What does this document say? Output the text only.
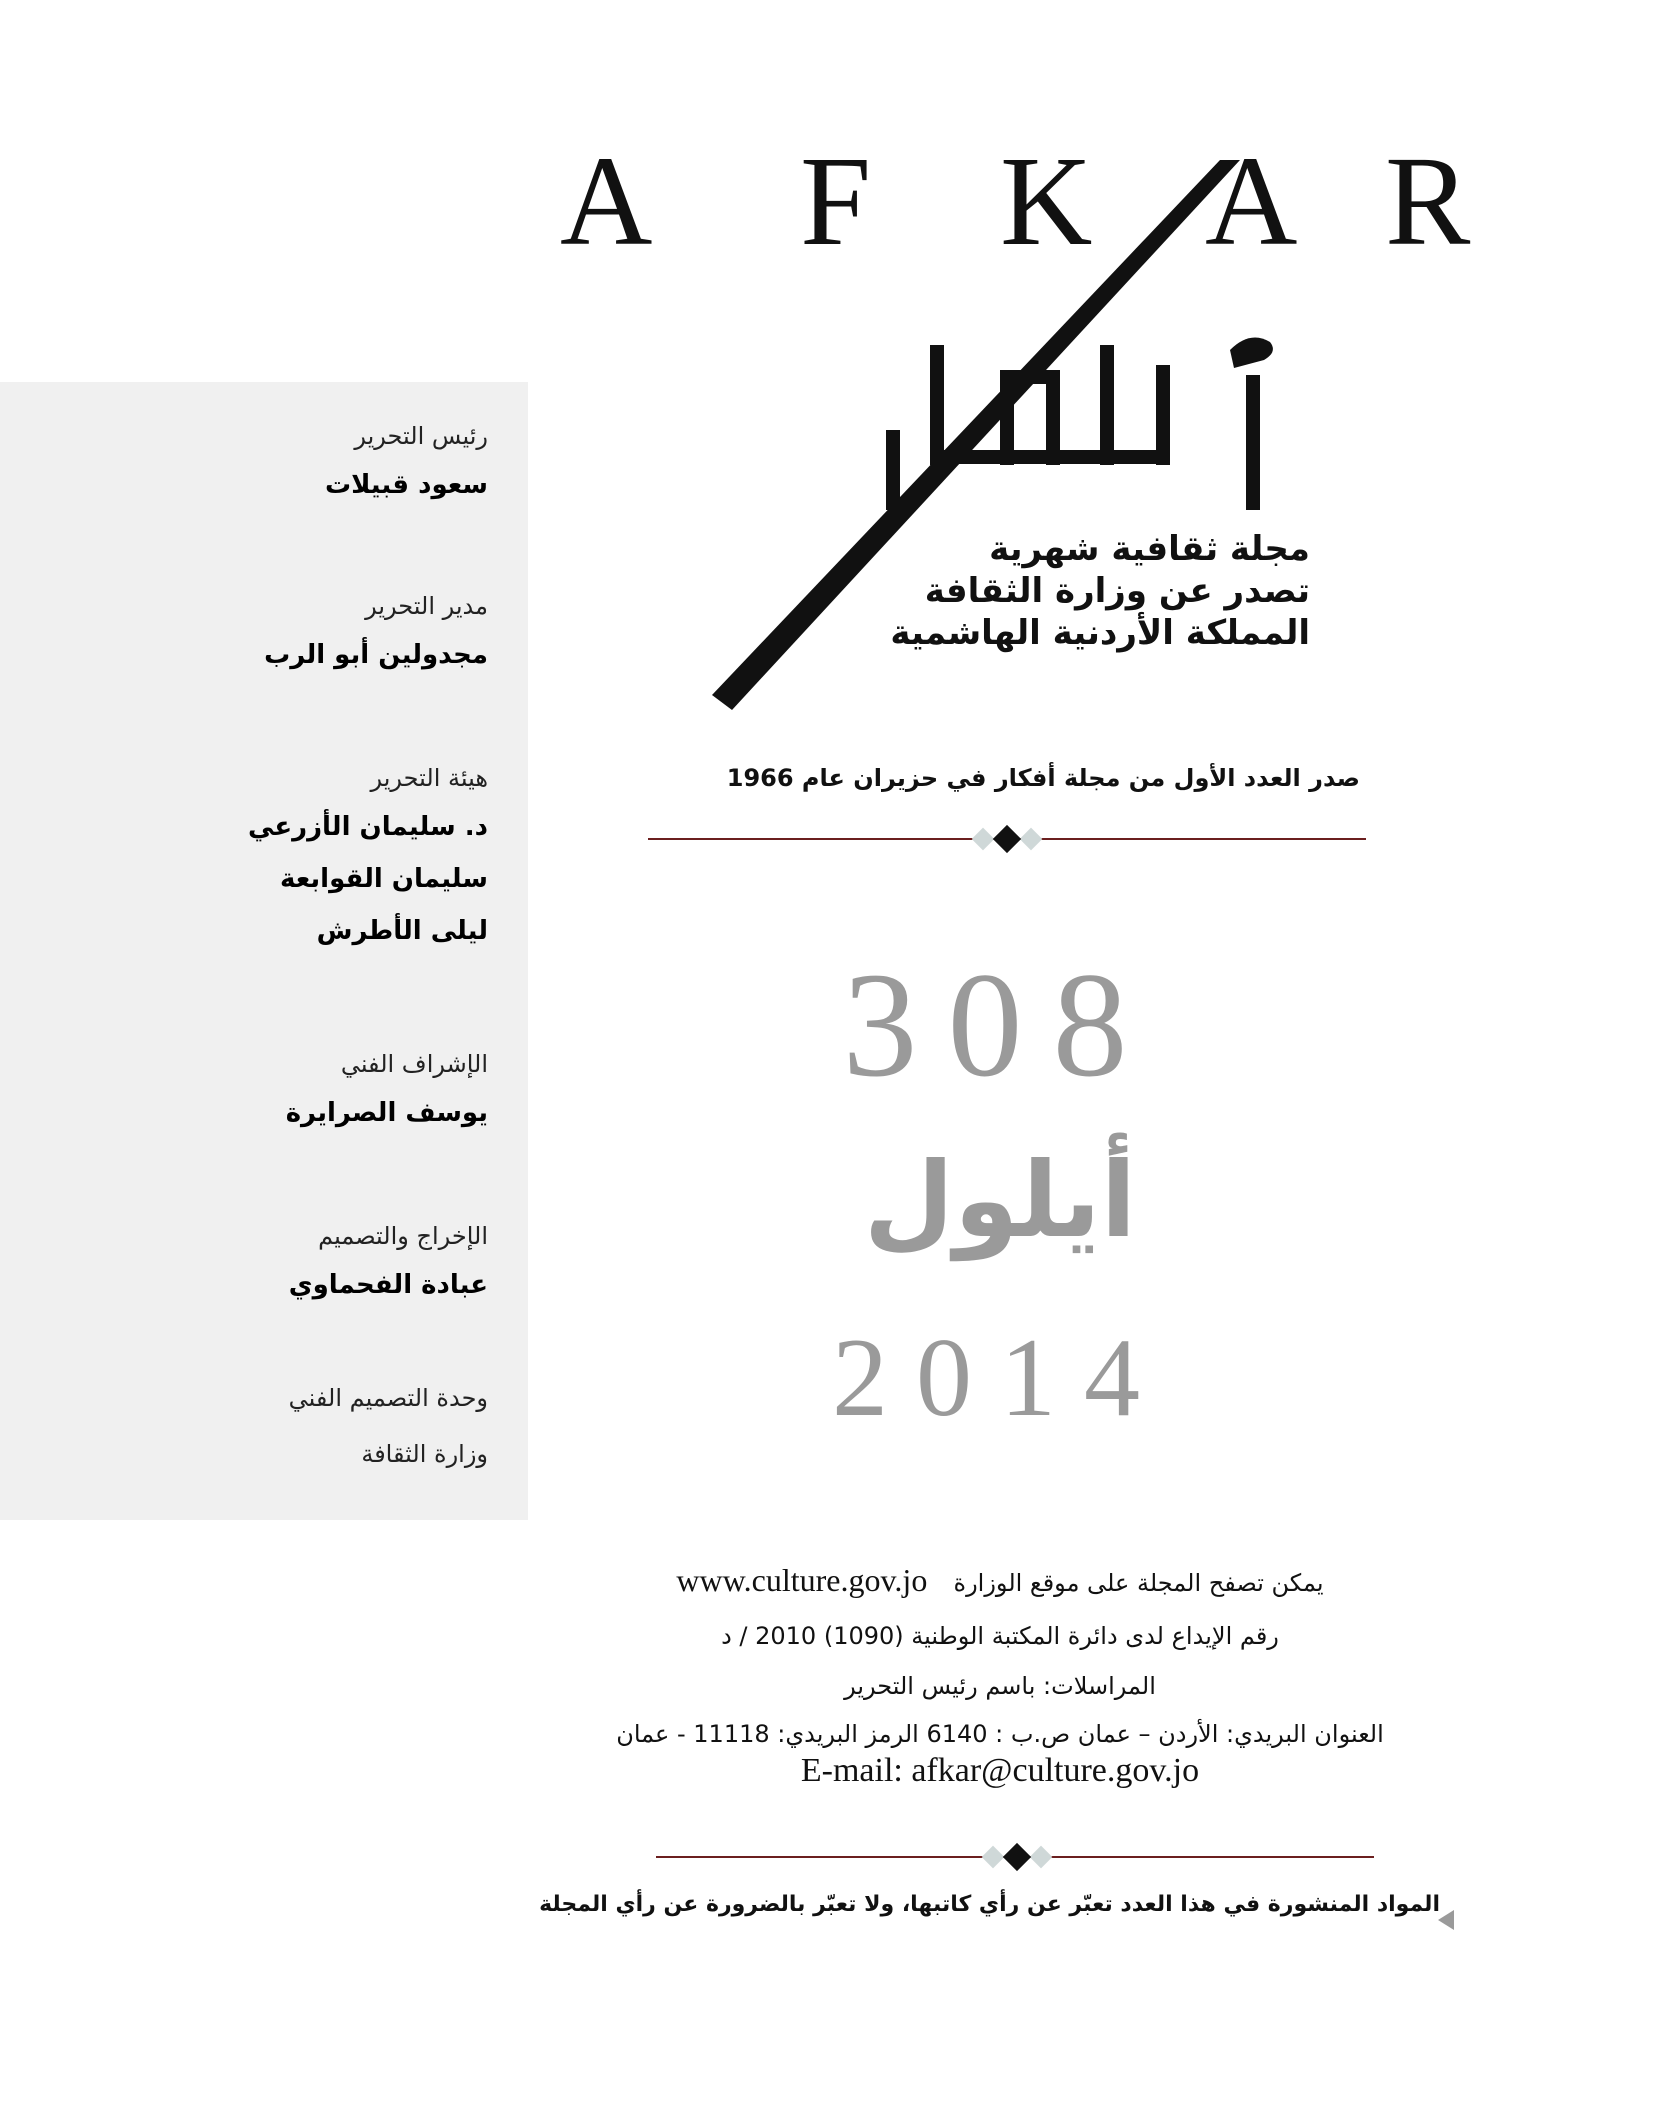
A F K A R
مجلة ثقافية شهرية
تصدر عن وزارة الثقافة
المملكة الأردنية الهاشمية
رئيس التحرير
سعود قبيلات
مدير التحرير
مجدولين أبو الرب
هيئة التحرير
د. سليمان الأزرعي
سليمان القوابعة
ليلى الأطرش
الإشراف الفني
يوسف الصرايرة
الإخراج والتصميم
عبادة الفحماوي
وحدة التصميم الفني
وزارة الثقافة
صدر العدد الأول من مجلة أفكار في حزيران عام 1966
308
أيلول
2014
يمكن تصفح المجلة على موقع الوزارة  www.culture.gov.jo
رقم الإيداع لدى دائرة المكتبة الوطنية (1090) 2010 / د
المراسلات: باسم رئيس التحرير
العنوان البريدي: الأردن – عمان ص.ب : 6140 الرمز البريدي: 11118 - عمان
E-mail: afkar@culture.gov.jo
المواد المنشورة في هذا العدد تعبّر عن رأي كاتبها، ولا تعبّر بالضرورة عن رأي المجلة
